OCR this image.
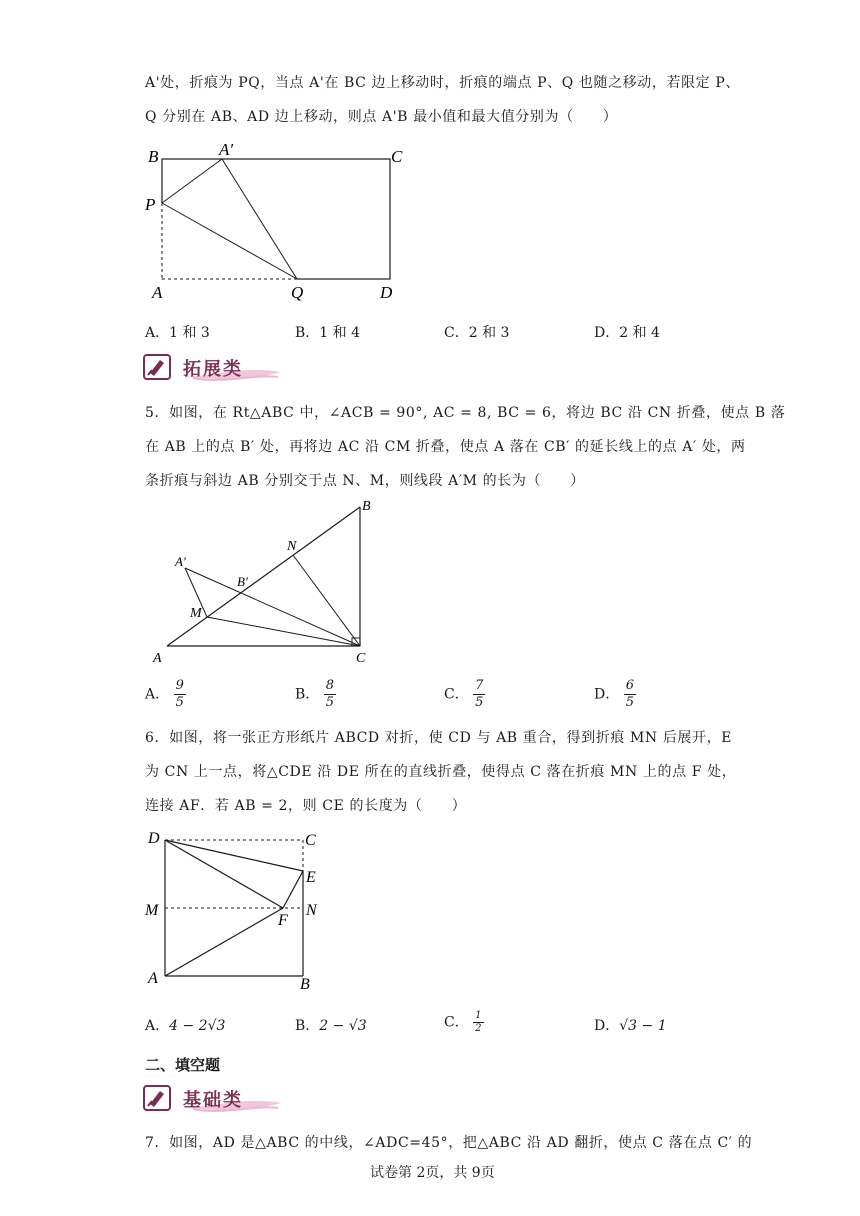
A'处，折痕为 PQ，当点 A'在 BC 边上移动时，折痕的端点 P、Q 也随之移动，若限定 P、
Q 分别在 AB、AD 边上移动，则点 A'B 最小值和最大值分别为（　　）
B	A′	C
P
A	Q	D
A．1 和 3	B．1 和 4	C．2 和 3	D．2 和 4
拓展类
5．如图，在 Rt△ABC 中，∠ACB = 90°, AC = 8, BC = 6，将边 BC 沿 CN 折叠，使点 B 落
在 AB 上的点 B′ 处，再将边 AC 沿 CM 折叠，使点 A 落在 CB′ 的延长线上的点 A′ 处，两
条折痕与斜边 AB 分别交于点 N、M，则线段 A′M 的长为（　　）
B
N
A′
B′
M
A	C
A． $\frac{9}{5}$	B． $\frac{8}{5}$	C． $\frac{7}{5}$	D． $\frac{6}{5}$
6．如图，将一张正方形纸片 ABCD 对折，使 CD 与 AB 重合，得到折痕 MN 后展开，E
为 CN 上一点，将△CDE 沿 DE 所在的直线折叠，使得点 C 落在折痕 MN 上的点 F 处，
连接 AF．若 AB = 2，则 CE 的长度为（　　）
D	C
E
M	N
F
A	B
A．4 − 2√3	B．2 − √3	C． $\frac{1}{2}$	D．√3 − 1
二、填空题
基础类
7．如图，AD 是△ABC 的中线，∠ADC=45°，把△ABC 沿 AD 翻折，使点 C 落在点 C′ 的
试卷第 2页，共 9页
